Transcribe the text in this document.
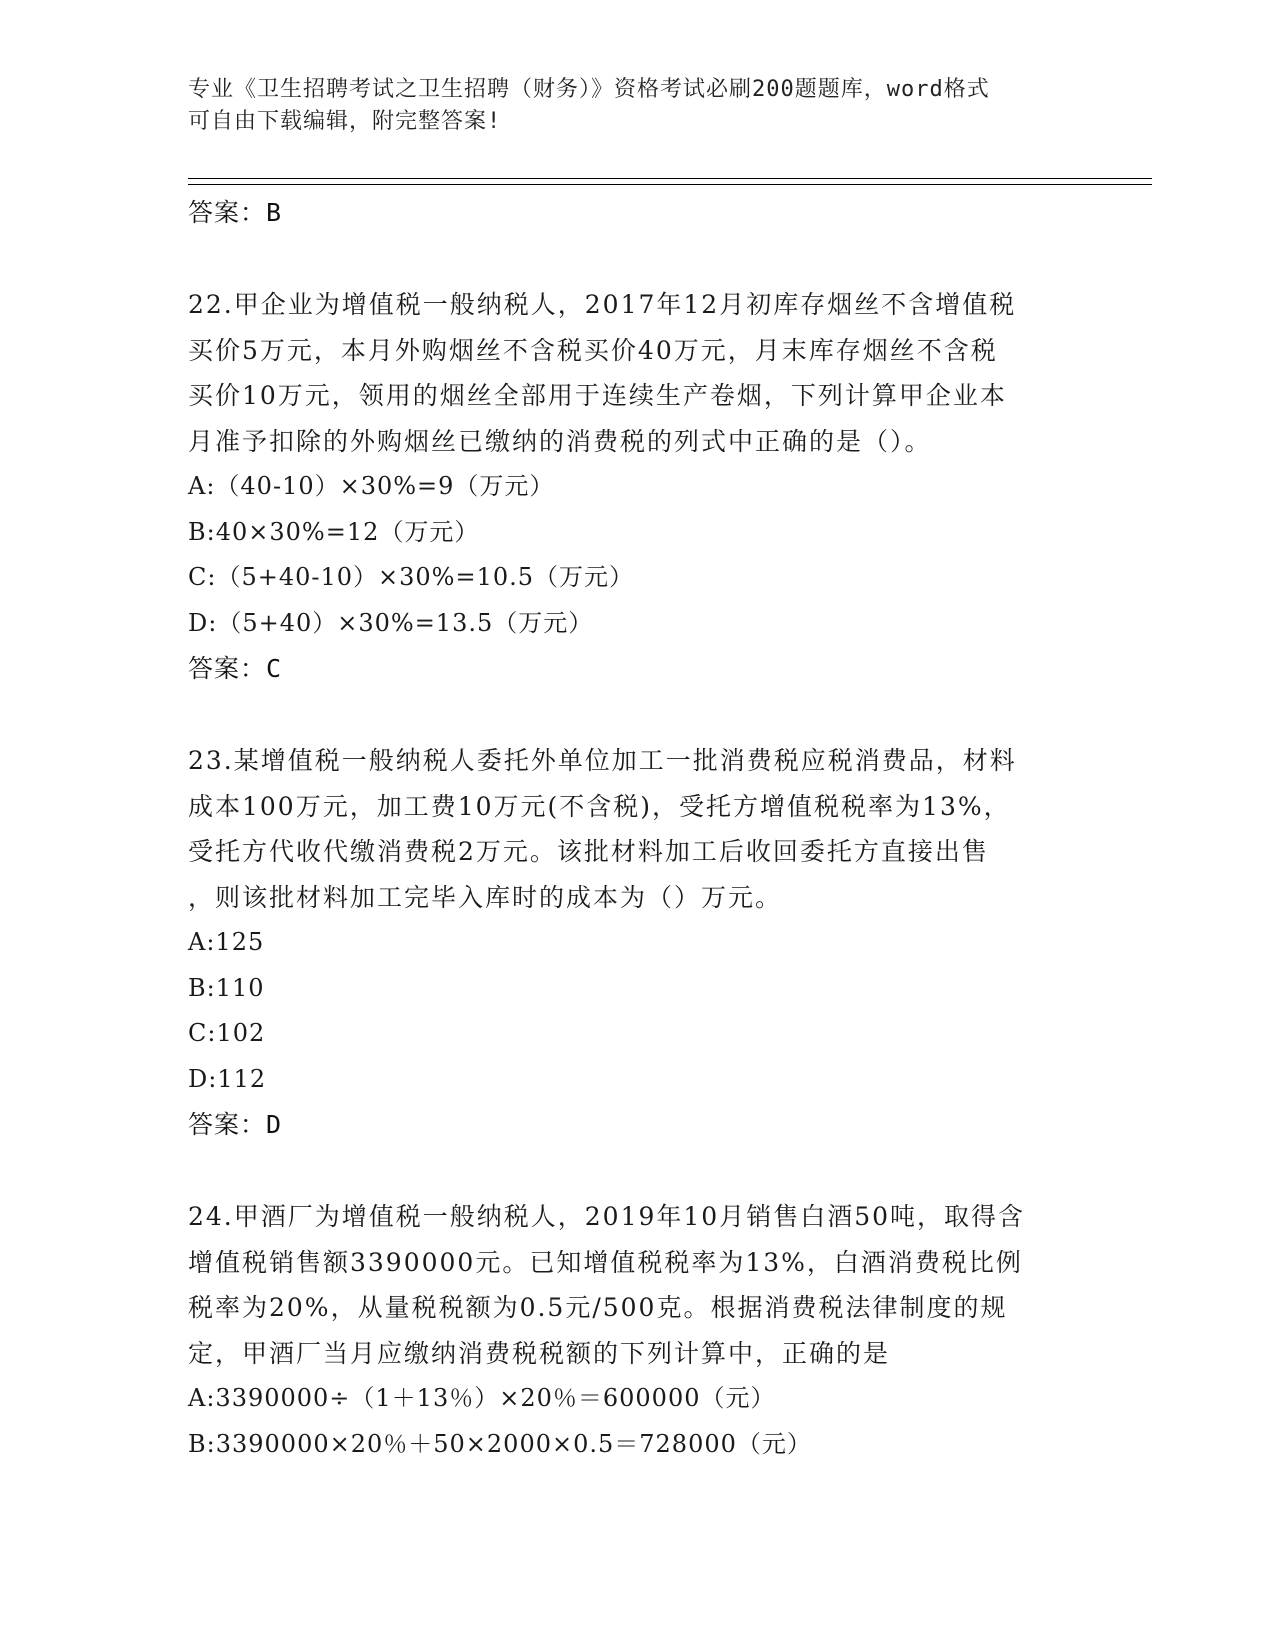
专业《卫生招聘考试之卫生招聘（财务）》资格考试必刷200题题库，word格式
可自由下载编辑，附完整答案!
答案：B
22.甲企业为增值税一般纳税人，2017年12月初库存烟丝不含增值税
买价5万元，本月外购烟丝不含税买价40万元，月末库存烟丝不含税
买价10万元，领用的烟丝全部用于连续生产卷烟，下列计算甲企业本
月准予扣除的外购烟丝已缴纳的消费税的列式中正确的是（）。
A:（40-10）×30%=9（万元）
B:40×30%=12（万元）
C:（5+40-10）×30%=10.5（万元）
D:（5+40）×30%=13.5（万元）
答案：C
23.某增值税一般纳税人委托外单位加工一批消费税应税消费品，材料
成本100万元，加工费10万元(不含税)，受托方增值税税率为13%，
受托方代收代缴消费税2万元。该批材料加工后收回委托方直接出售
，则该批材料加工完毕入库时的成本为（）万元。
A:125
B:110
C:102
D:112
答案：D
24.甲酒厂为增值税一般纳税人，2019年10月销售白酒50吨，取得含
增值税销售额3390000元。已知增值税税率为13%，白酒消费税比例
税率为20%，从量税税额为0.5元/500克。根据消费税法律制度的规
定，甲酒厂当月应缴纳消费税税额的下列计算中，正确的是
A:3390000÷（1＋13％）×20％＝600000（元）
B:3390000×20％＋50×2000×0.5＝728000（元）
